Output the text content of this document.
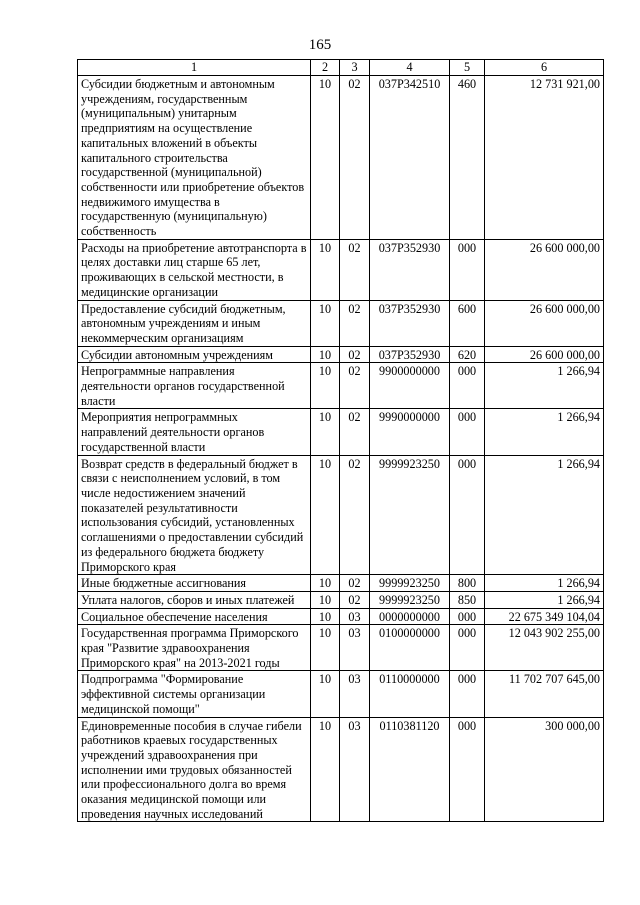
165
1	2	3	4	5	6
Субсидии бюджетным и автономным учреждениям, государственным (муниципальным) унитарным предприятиям на осуществление капитальных вложений в объекты капитального строительства государственной (муниципальной) собственности или приобретение объектов недвижимого имущества в государственную (муниципальную) собственность	10	02	037P342510	460	12 731 921,00
Расходы на приобретение автотранспорта в целях доставки лиц старше 65 лет, проживающих в сельской местности, в медицинские организации	10	02	037P352930	000	26 600 000,00
Предоставление субсидий бюджетным, автономным учреждениям и иным некоммерческим организациям	10	02	037P352930	600	26 600 000,00
Субсидии автономным учреждениям	10	02	037P352930	620	26 600 000,00
Непрограммные направления деятельности органов государственной власти	10	02	9900000000	000	1 266,94
Мероприятия непрограммных направлений деятельности органов государственной власти	10	02	9990000000	000	1 266,94
Возврат средств в федеральный бюджет в связи с неисполнением условий, в том числе недостижением значений показателей результативности использования субсидий, установленных соглашениями о предоставлении субсидий из федерального бюджета бюджету Приморского края	10	02	9999923250	000	1 266,94
Иные бюджетные ассигнования	10	02	9999923250	800	1 266,94
Уплата налогов, сборов и иных платежей	10	02	9999923250	850	1 266,94
Социальное обеспечение населения	10	03	0000000000	000	22 675 349 104,04
Государственная программа Приморского края "Развитие здравоохранения Приморского края" на 2013-2021 годы	10	03	0100000000	000	12 043 902 255,00
Подпрограмма "Формирование эффективной системы организации медицинской помощи"	10	03	0110000000	000	11 702 707 645,00
Единовременные пособия в случае гибели работников краевых государственных учреждений здравоохранения при исполнении ими трудовых обязанностей или профессионального долга во время оказания медицинской помощи или проведения научных исследований	10	03	0110381120	000	300 000,00
